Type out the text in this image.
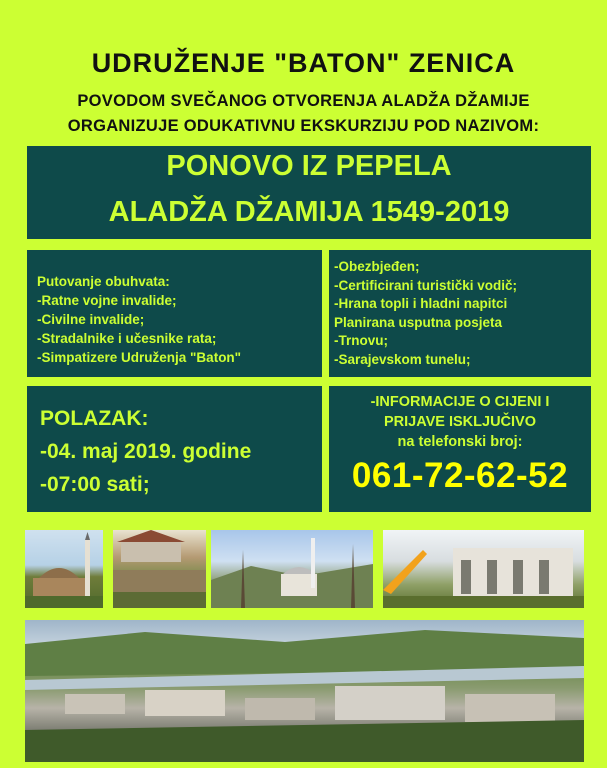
UDRUŽENJE "BATON" ZENICA
POVODOM SVEČANOG OTVORENJA ALADŽA DŽAMIJE
ORGANIZUJE ODUKATIVNU EKSKURZIJU POD NAZIVOM:
PONOVO IZ PEPELA
ALADŽA DŽAMIJA 1549-2019
Putovanje obuhvata:
-Ratne vojne invalide;
-Civilne invalide;
-Stradalnike i učesnike rata;
-Simpatizere Udruženja "Baton"
-Obezbjeđen;
-Certificirani turistički vodič;
-Hrana topli i hladni napitci
Planirana usputna posjeta
-Trnovu;
-Sarajevskom tunelu;
POLAZAK:
-04. maj 2019. godine
-07:00 sati;
-INFORMACIJE O CIJENI I
PRIJAVE ISKLJUČIVO
na telefonski broj:
061-72-62-52
